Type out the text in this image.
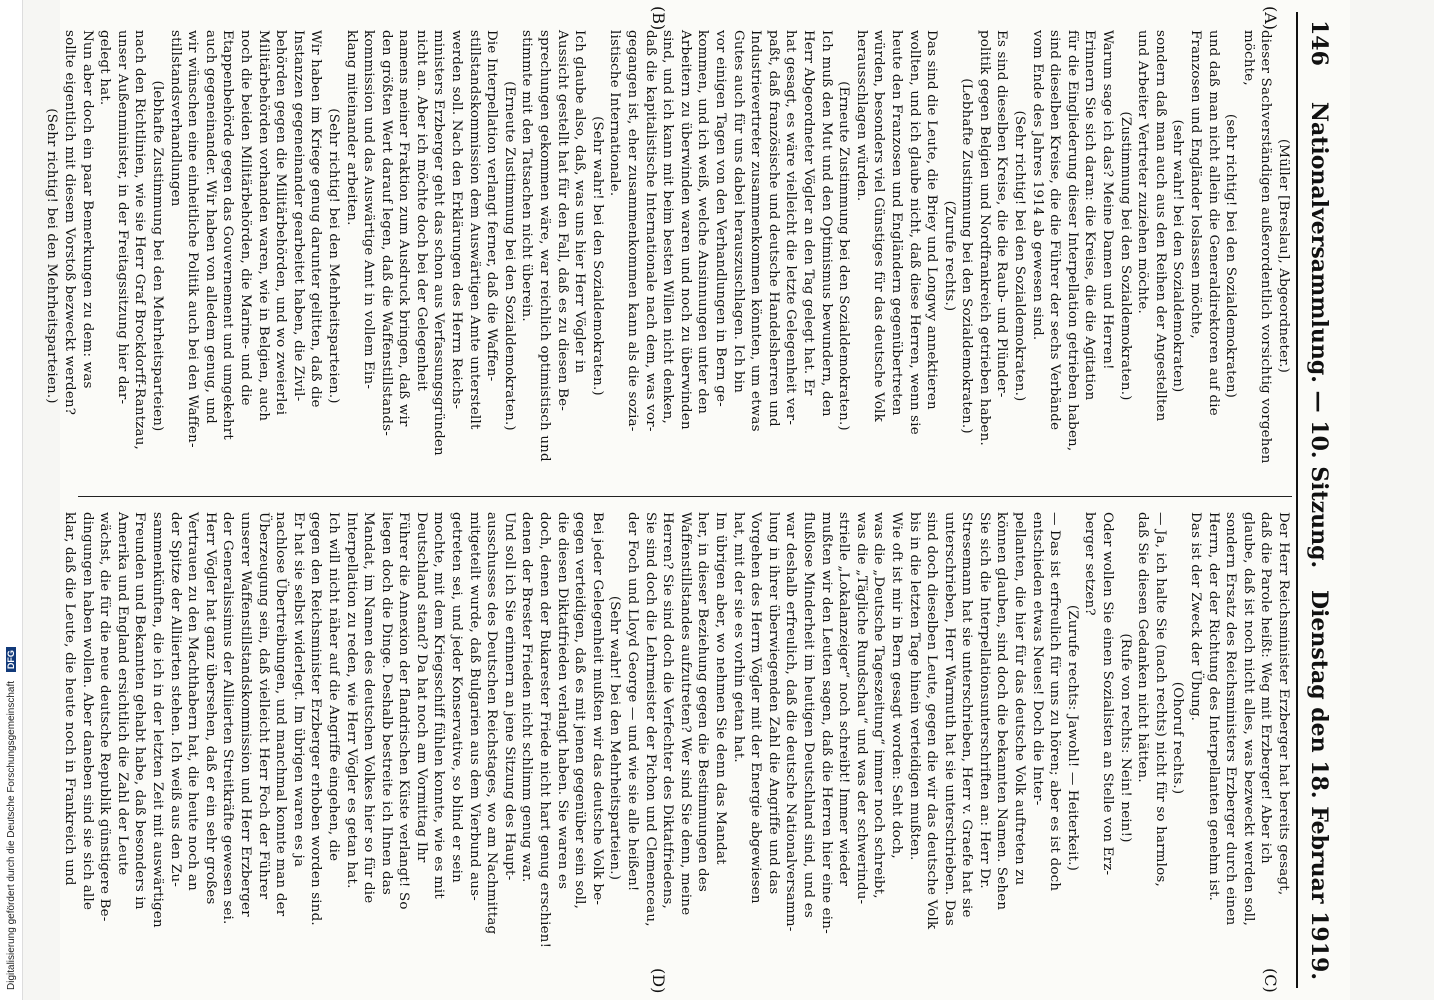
Digitalisierung gefördert durch die Deutsche Forschungsgemeinschaft DFG
146
Nationalversammlung. — 10. Sitzung.
Dienstag den 18. Februar 1919.
(A)
(B)
(C)
(D)
(Müller [Breslau], Abgeordneter.)
dieser Sachverständigen außerordentlich vorsichtig vorgehen
möchte,
(sehr richtig! bei den Sozialdemokraten)
und daß man nicht allein die Generaldirektoren auf die
Franzosen und Engländer loslassen möchte,
(sehr wahr! bei den Sozialdemokraten)
sondern daß man auch aus den Reihen der Angestellten
und Arbeiter Vertreter zuziehen möchte.
(Zustimmung bei den Sozialdemokraten.)
Warum sage ich das? Meine Damen und Herren!
Erinnern Sie sich daran: die Kreise, die die Agitation
für die Eingliederung dieser Interpellation getrieben haben,
sind dieselben Kreise, die die Führer der sechs Verbände
vom Ende des Jahres 1914 ab gewesen sind.
(Sehr richtig! bei den Sozialdemokraten.)
Es sind dieselben Kreise, die die Raub- und Plünder-
politik gegen Belgien und Nordfrankreich getrieben haben.
(Lebhafte Zustimmung bei den Sozialdemokraten.)
(Zurufe rechts.)
Das sind die Leute, die Briey und Longwy annektieren
wollten, und ich glaube nicht, daß diese Herren, wenn sie
heute den Franzosen und Engländern gegenübertreten
würden, besonders viel Günstiges für das deutsche Volk
herausschlagen würden.
(Erneute Zustimmung bei den Sozialdemokraten.)
Ich muß den Mut und den Optimismus bewundern, den
Herr Abgeordneter Vögler an den Tag gelegt hat. Er
hat gesagt, es wäre vielleicht die letzte Gelegenheit ver-
paßt, daß französische und deutsche Handelsherren und
Industrievertreter zusammenkommen könnten, um etwas
Gutes auch für uns dabei herauszuschlagen. Ich bin
vor einigen Tagen von den Verhandlungen in Bern ge-
kommen, und ich weiß, welche Ansinnungen unter den
Arbeitern zu überwinden waren und noch zu überwinden
sind, und ich kann mit beim besten Willen nicht denken,
daß die kapitalistische Internationale nach dem, was vor-
gegangen ist, eher zusammenkommen kann als die sozia-
listische Internationale.
(Sehr wahr! bei den Sozialdemokraten.)
Ich glaube also, daß, was uns hier Herr Vögler in
Aussicht gestellt hat für den Fall, daß es zu diesen Be-
sprechungen gekommen wäre, war reichlich optimistisch und
stimmte mit den Tatsachen nicht überein.
(Erneute Zustimmung bei den Sozialdemokraten.)
Die Interpellation verlangt ferner, daß die Waffen-
stillstandskommission dem Auswärtigen Amte unterstellt
werden soll. Nach den Erklärungen des Herrn Reichs-
ministers Erzberger geht das schon aus Verfassungsgründen
nicht an. Aber ich möchte doch bei der Gelegenheit
namens meiner Fraktion zum Ausdruck bringen, daß wir
den größten Wert darauf legen, daß die Waffenstillstands-
kommission und das Auswärtige Amt in vollem Ein-
klang miteinander arbeiten.
(Sehr richtig! bei den Mehrheitsparteien.)
Wir haben im Kriege genug darunter gelitten, daß die
Instanzen gegeneinander gearbeitet haben, die Zivil-
behörden gegen die Militärbehörden, und wo zweierlei
Militärbehörden vorhanden waren, wie in Belgien, auch
noch die beiden Militärbehörden, die Marine- und die
Etappenbehörde gegen das Gouvernement und umgekehrt
auch gegeneinander. Wir haben von alledem genug, und
wir wünschen eine einheitliche Politik auch bei den Waffen-
stillstandsverhandlungen
(lebhafte Zustimmung bei den Mehrheitsparteien)
nach den Richtlinien, wie sie Herr Graf Brockdorff-Rantzau,
unser Außenminister, in der Freitagssitzung hier dar-
gelegt hat.
Nun aber doch ein paar Bemerkungen zu dem: was
sollte eigentlich mit diesem Vorstoß bezweckt werden?
(Sehr richtig! bei den Mehrheitsparteien.)
Der Herr Reichsminister Erzberger hat bereits gesagt,
daß die Parole heißt: Weg mit Erzberger! Aber ich
glaube, daß ist noch nicht alles, was bezweckt werden soll,
sondern Ersatz des Reichsministers Erzberger durch einen
Herrn, der der Richtung des Interpellanten genehm ist.
Das ist der Zweck der Übung.
(Ohoruf rechts.)
— Ja, ich halte Sie (nach rechts) nicht für so harmlos,
daß Sie diesen Gedanken nicht hätten.
(Rufe von rechts: Nein! nein!)
Oder wollen Sie einen Sozialisten an Stelle von Erz-
berger setzen?
(Zurufe rechts: Jawohl! — Heiterkeit.)
— Das ist erfreulich für uns zu hören; aber es ist doch
entschieden etwas Neues! Doch die Inter-
pellanten, die hier für das deutsche Volk auftreten zu
können glauben, sind doch die bekannten Namen. Sehen
Sie sich die Interpellationsunterschriften an: Herr Dr.
Stresemann hat sie unterschrieben, Herr v. Graefe hat sie
unterschrieben, Herr Warmuth hat sie unterschrieben. Das
sind doch dieselben Leute, gegen die wir das deutsche Volk
bis in die letzten Tage hinein verteidigen mußten.
Wie oft ist mir in Bern gesagt worden: Seht doch,
was die „Deutsche Tageszeitung“ immer noch schreibt,
was die „Tägliche Rundschau“ und was der schwerindu-
strielle „Lokalanzeiger“ noch schreibt! Immer wieder
mußten wir den Leuten sagen, daß die Herren hier eine ein-
flußlose Minderheit im heutigen Deutschland sind, und es
war deshalb erfreulich, daß die deutsche Nationalversamm-
lung in ihrer überwiegenden Zahl die Angriffe und das
Vorgehen des Herrn Vögler mit der Energie abgewiesen
hat, mit der sie es vorhin getan hat.
Im übrigen aber, wo nehmen Sie denn das Mandat
her, in dieser Beziehung gegen die Bestimmungen des
Waffenstillstandes aufzutreten? Wer sind Sie denn, meine
Herren? Sie sind doch die Verfechter des Diktatfriedens,
Sie sind doch die Lehrmeister der Pichon und Clemenceau,
der Foch und Lloyd George — und wie sie alle heißen!
(Sehr wahr! bei den Mehrheitsparteien.)
Bei jeder Gelegenheit mußten wir das deutsche Volk be-
gegen verteidigen, daß es mit jenen gegenüber sein soll,
die diesen Diktatfrieden verlangt haben. Sie waren es
doch, denen der Bukarester Friede nicht hart genug erschien!
denen der Brester Frieden nicht schlimm genug war.
Und soll ich Sie erinnern an jene Sitzung des Haupt-
ausschusses des Deutschen Reichstages, wo am Nachmittag
mitgeteilt wurde, daß Bulgarien aus dem Vierbund aus-
getreten sei, und jeder Konservative, so blind er sein
mochte, mit dem Kriegsschiff fühlen konnte, wie es mit
Deutschland stand? Da hat noch am Vormittag Ihr
Führer die Annexion der flandrischen Küste verlangt! So
liegen doch die Dinge. Deshalb bestreite ich Ihnen das
Mandat, im Namen des deutschen Volkes hier so für die
Interpellation zu reden, wie Herr Vögler es getan hat.
Ich will nicht näher auf die Angriffe eingehen, die
gegen den Reichsminister Erzberger erhoben worden sind.
Er hat sie selbst widerlegt. Im übrigen waren es ja
nachlose Übertreibungen, und manchmal konnte man der
Überzeugung sein, daß vielleicht Herr Foch der Führer
unserer Waffenstillstandskommission und Herr Erzberger
der Generalissimus der Alliierten Streitkräfte gewesen sei.
Herr Vögler hat ganz übersehen, daß er ein sehr großes
Vertrauen zu den Machthabern hat, die heute noch an
der Spitze der Alliierten stehen. Ich weiß aus den Zu-
sammenkünften, die ich in der letzten Zeit mit auswärtigen
Freunden und Bekannten gehabt habe, daß besonders in
Amerika und England ersichtlich die Zahl der Leute
wächst, die für die neue deutsche Republik günstigere Be-
dingungen haben wollen. Aber daneben sind sie sich alle
klar, daß die Leute, die heute noch in Frankreich und
